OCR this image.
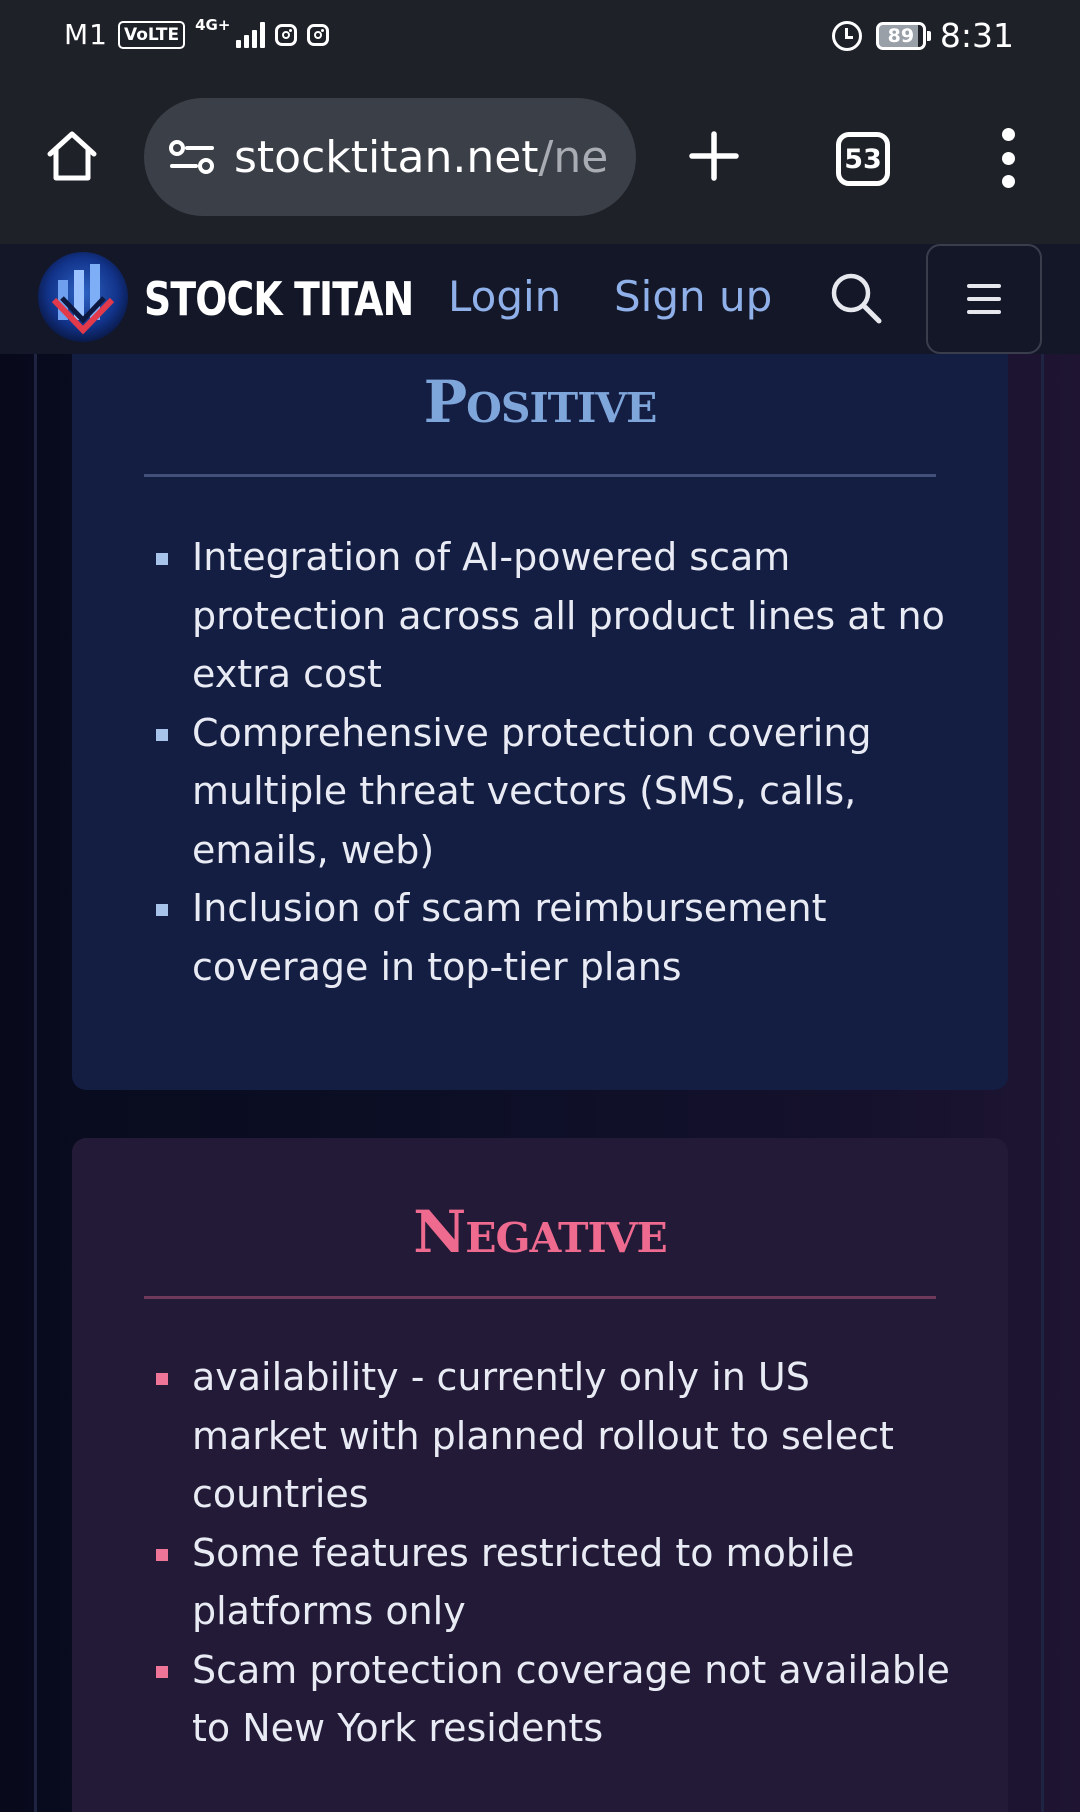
M1 VoLTE	4G+	89 8:31
stocktitan.net/ne	53
Positive
Integration of AI-powered scam protection across all product lines at no extra cost
Comprehensive protection covering multiple threat vectors (SMS, calls, emails, web)
Inclusion of scam reimbursement coverage in top-tier plans
Negative
availability - currently only in US market with planned rollout to select countries
Some features restricted to mobile platforms only
Scam protection coverage not available to New York residents
STOCK TITAN Login Sign up
